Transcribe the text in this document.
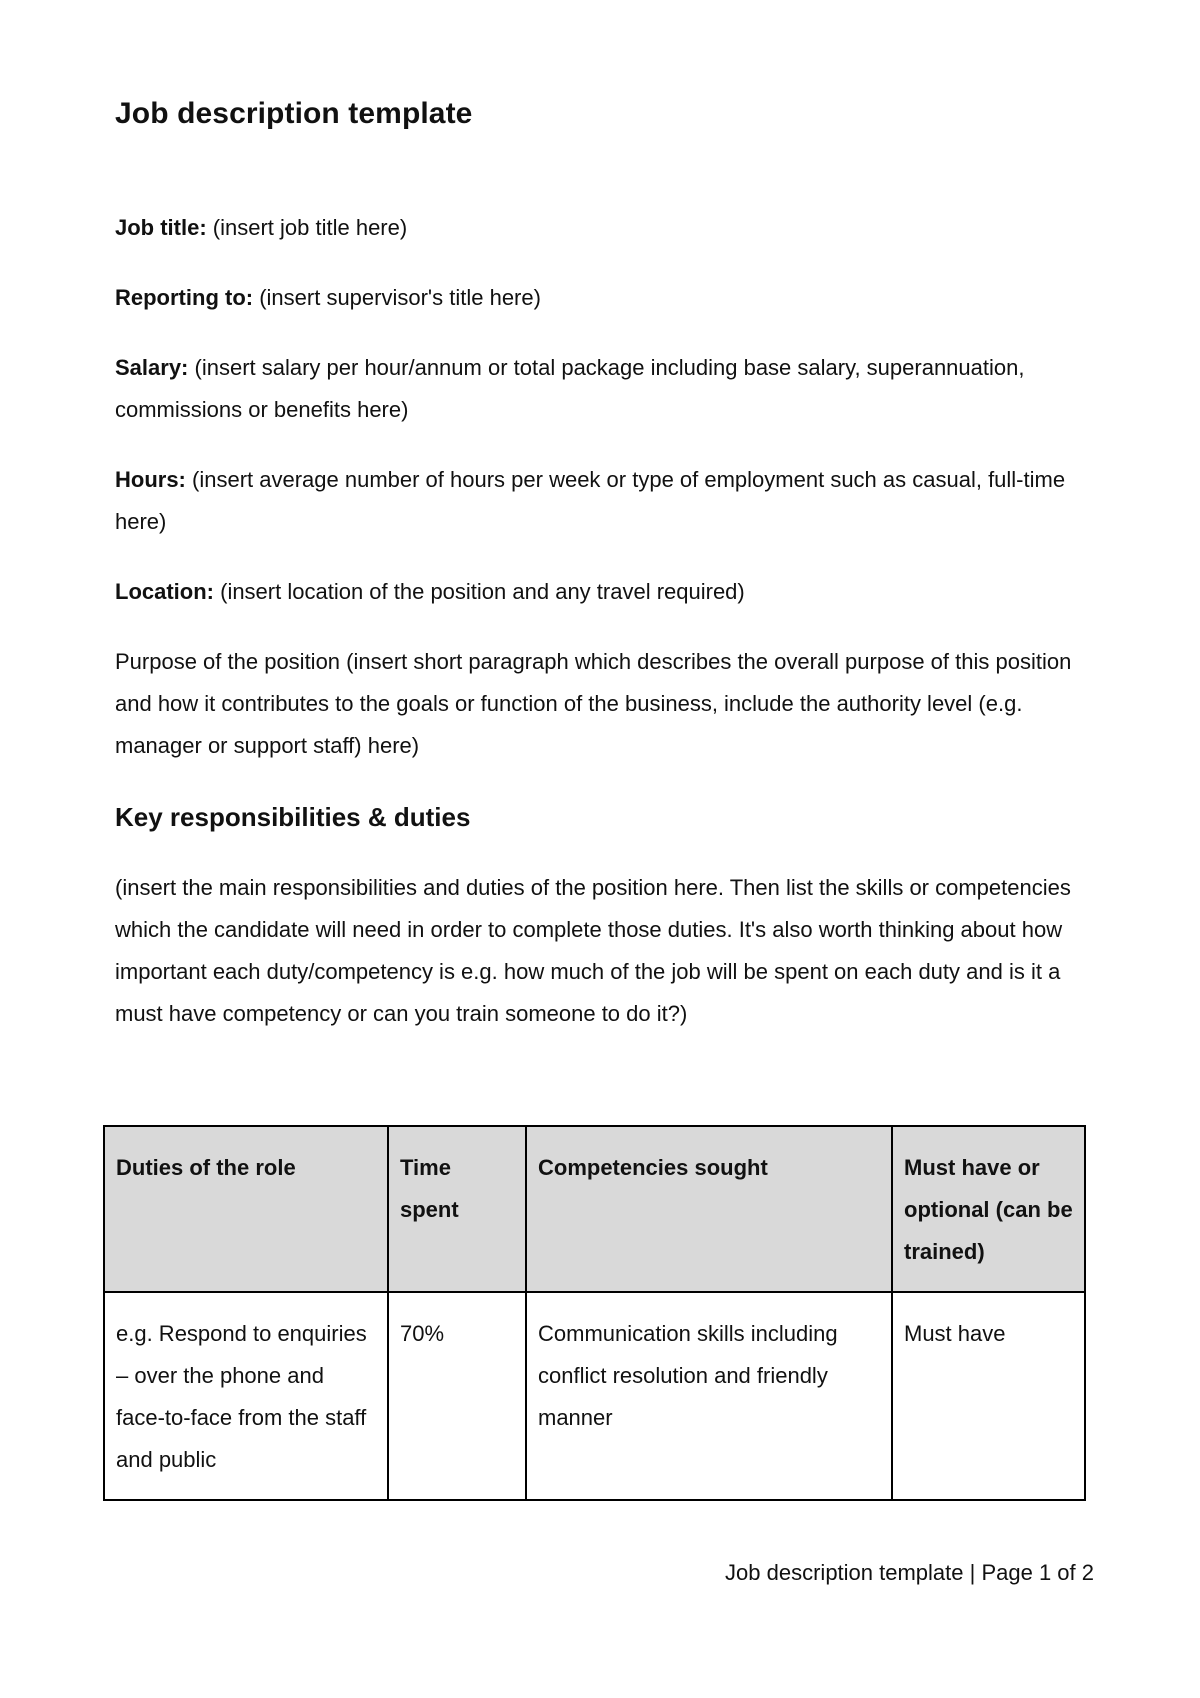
Job description template

Job title: (insert job title here)

Reporting to: (insert supervisor's title here)

Salary: (insert salary per hour/annum or total package including base salary, superannuation, commissions or benefits here)

Hours: (insert average number of hours per week or type of employment such as casual, full-time here)

Location: (insert location of the position and any travel required)

Purpose of the position (insert short paragraph which describes the overall purpose of this position and how it contributes to the goals or function of the business, include the authority level (e.g. manager or support staff) here)

Key responsibilities & duties

(insert the main responsibilities and duties of the position here. Then list the skills or competencies which the candidate will need in order to complete those duties. It's also worth thinking about how important each duty/competency is e.g. how much of the job will be spent on each duty and is it a must have competency or can you train someone to do it?)

Duties of the role	Time spent	Competencies sought	Must have or optional (can be trained)
e.g. Respond to enquiries – over the phone and face-to-face from the staff and public	70%	Communication skills including conflict resolution and friendly manner	Must have
Job description template | Page 1 of 2
